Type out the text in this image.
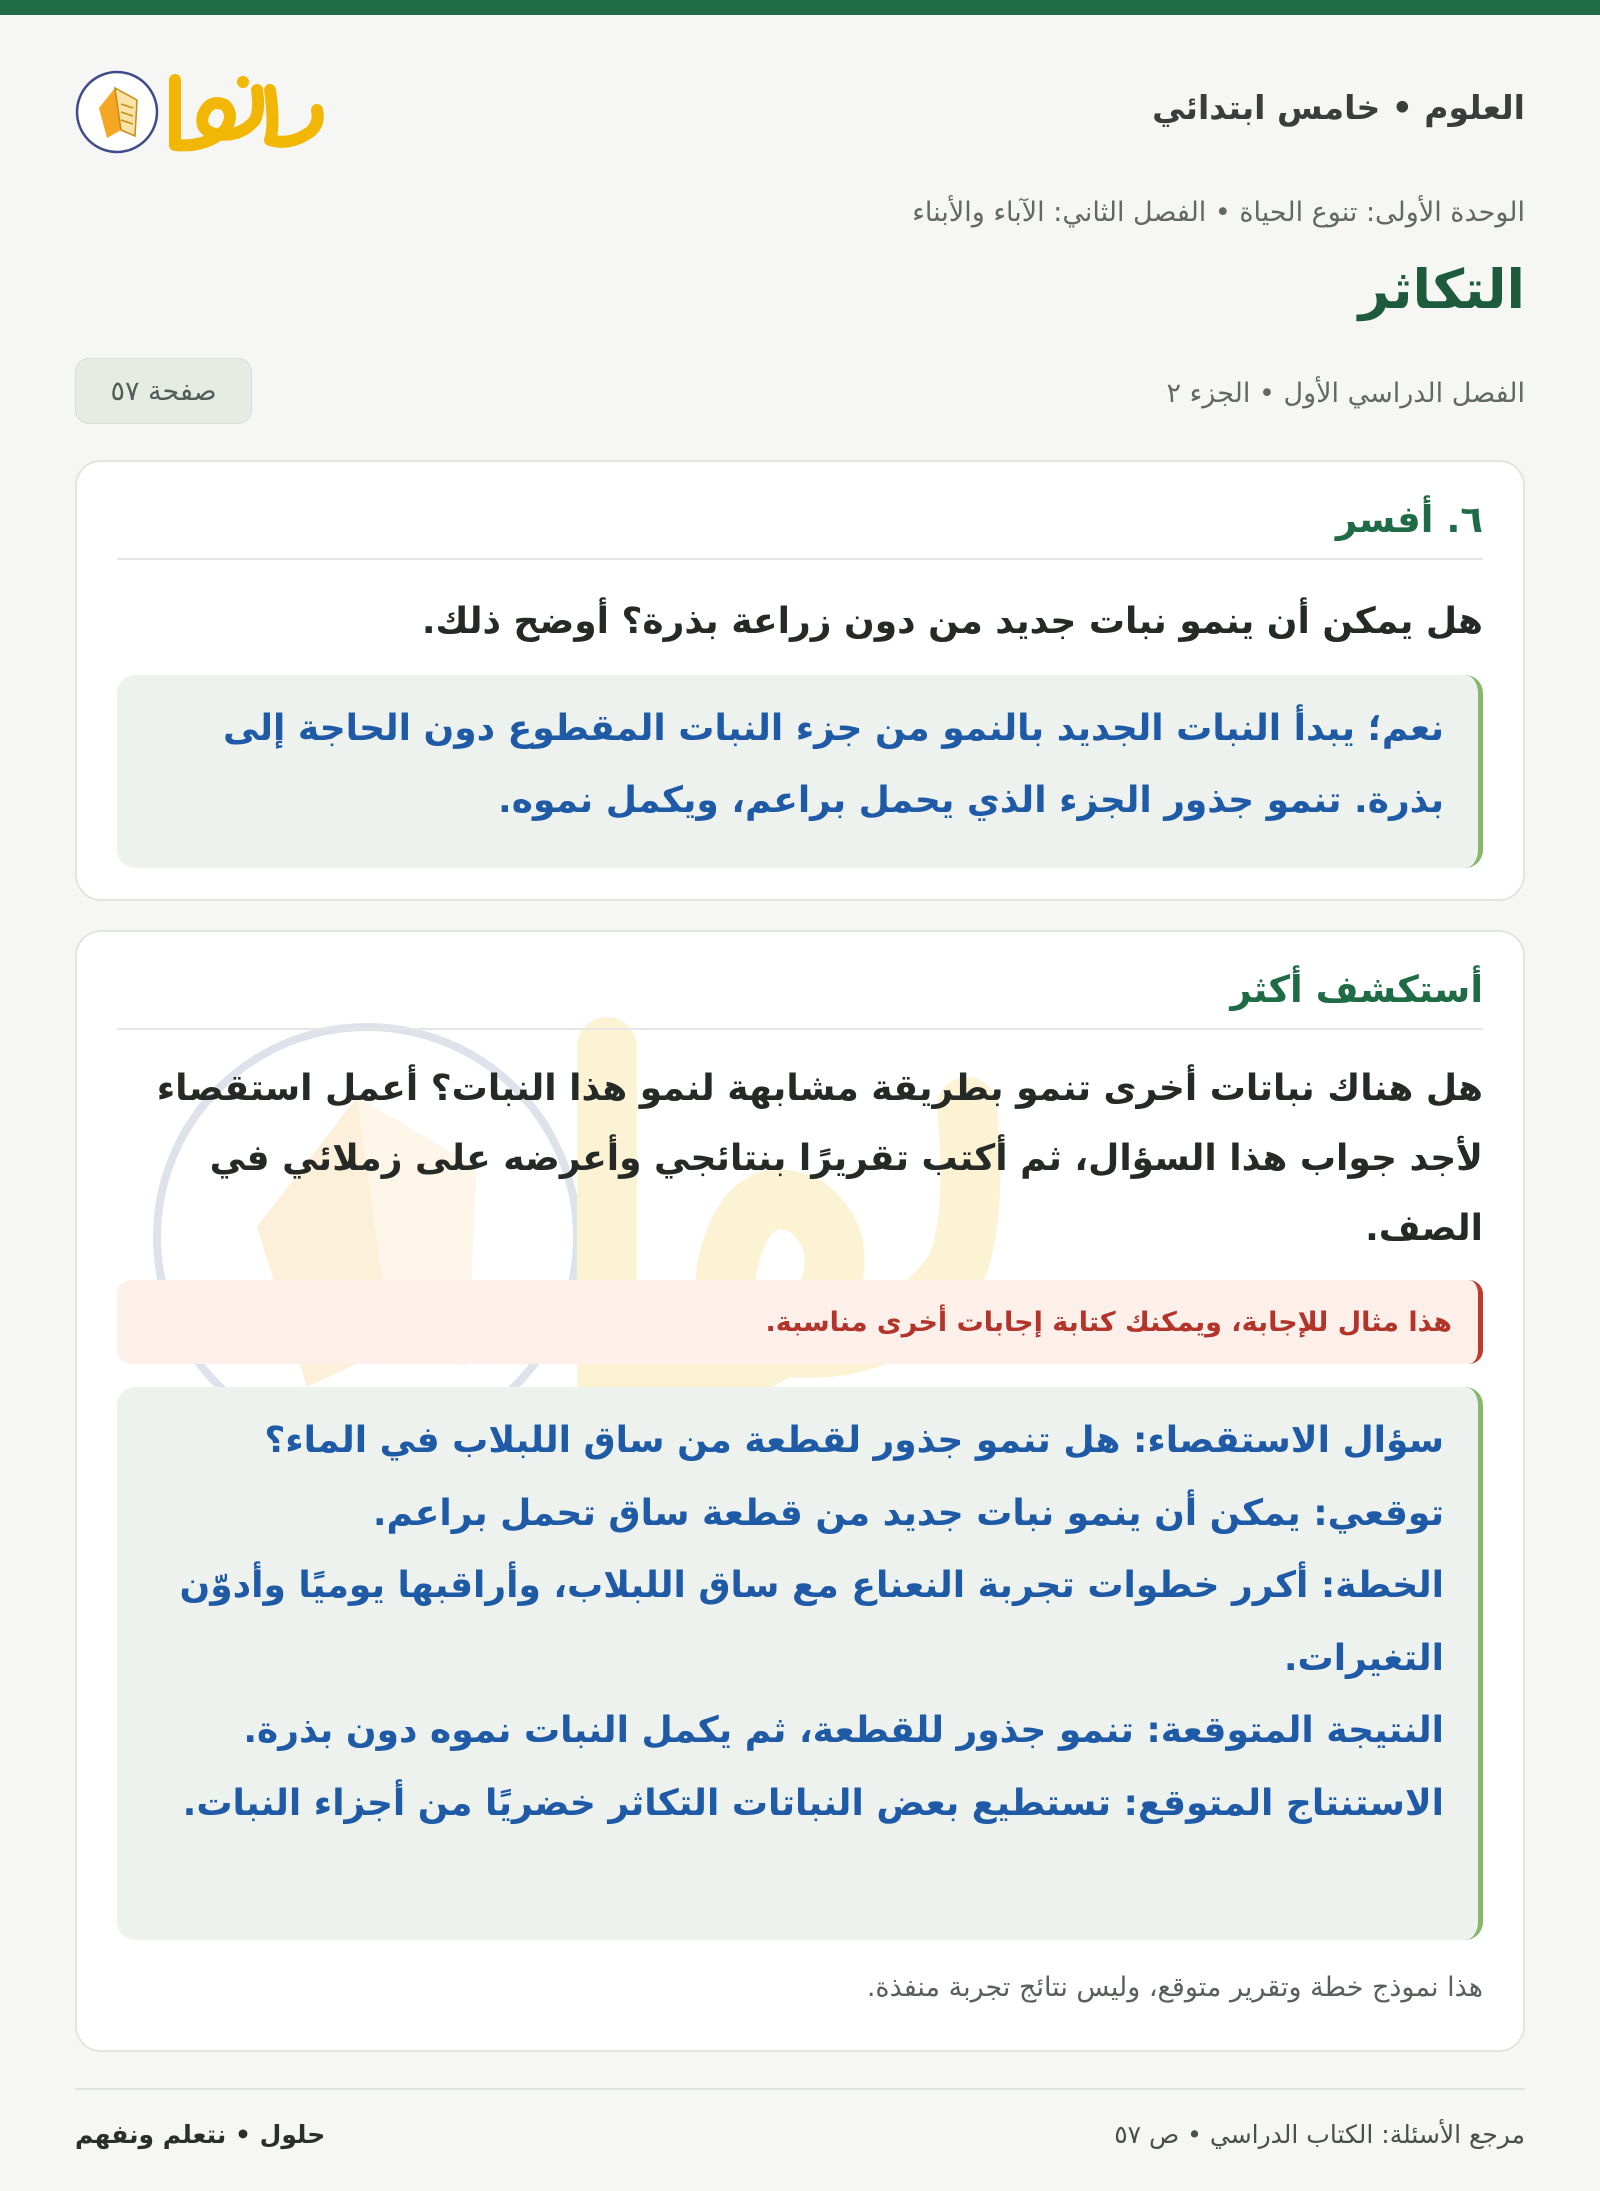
العلوم • خامس ابتدائي
الوحدة الأولى: تنوع الحياة • الفصل الثاني: الآباء والأبناء
التكاثر
الفصل الدراسي الأول • الجزء ٢
صفحة ٥٧
٦. أفسر
هل يمكن أن ينمو نبات جديد من دون زراعة بذرة؟ أوضح ذلك.

نعم؛ يبدأ النبات الجديد بالنمو من جزء النبات المقطوع دون الحاجة إلى بذرة. تنمو جذور الجزء الذي يحمل براعم، ويكمل نموه.

أستكشف أكثر
هل هناك نباتات أخرى تنمو بطريقة مشابهة لنمو هذا النبات؟ أعمل استقصاء لأجد جواب هذا السؤال، ثم أكتب تقريرًا بنتائجي وأعرضه على زملائي في الصف.
هذا مثال للإجابة، ويمكنك كتابة إجابات أخرى مناسبة.

سؤال الاستقصاء: هل تنمو جذور لقطعة من ساق اللبلاب في الماء؟

توقعي: يمكن أن ينمو نبات جديد من قطعة ساق تحمل براعم.

الخطة: أكرر خطوات تجربة النعناع مع ساق اللبلاب، وأراقبها يوميًا وأدوّن التغيرات.

النتيجة المتوقعة: تنمو جذور للقطعة، ثم يكمل النبات نموه دون بذرة.

الاستنتاج المتوقع: تستطيع بعض النباتات التكاثر خضريًا من أجزاء النبات.

هذا نموذج خطة وتقرير متوقع، وليس نتائج تجربة منفذة.
مرجع الأسئلة: الكتاب الدراسي • ص ٥٧
حلول • نتعلم ونفهم
